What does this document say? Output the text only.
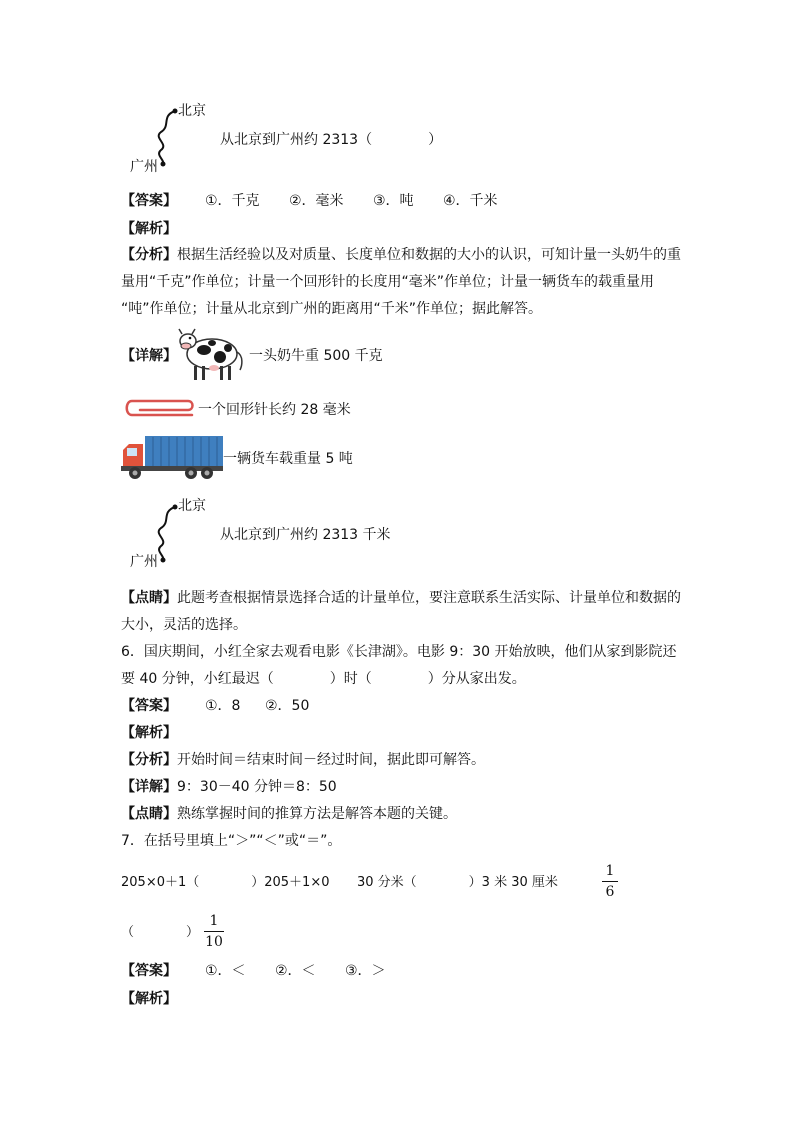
北京
广州
从北京到广州约 2313（　　　　）
【答案】 ①．千克 ②．毫米 ③．吨 ④．千米
【解析】
【分析】根据生活经验以及对质量、长度单位和数据的大小的认识，可知计量一头奶牛的重
量用“千克”作单位；计量一个回形针的长度用“毫米”作单位；计量一辆货车的载重量用
“吨”作单位；计量从北京到广州的距离用“千米”作单位；据此解答。
【详解】	一头奶牛重 500 千克
一个回形针长约 28 毫米
一辆货车载重量 5 吨
北京
广州
从北京到广州约 2313 千米
【点睛】此题考查根据情景选择合适的计量单位，要注意联系生活实际、计量单位和数据的
大小，灵活的选择。
6．国庆期间，小红全家去观看电影《长津湖》。电影 9：30 开始放映，他们从家到影院还
要 40 分钟，小红最迟（　　　　）时（　　　　）分从家出发。
【答案】 ①．8 ②．50
【解析】
【分析】开始时间＝结束时间－经过时间，据此即可解答。
【详解】9：30－40 分钟＝8：50
【点睛】熟练掌握时间的推算方法是解答本题的关键。
7．在括号里填上“＞”“＜”或“＝”。
205×0＋1（　　　　）205＋1×0 30 分米（　　　　）3 米 30 厘米
1
6
（　　　　）
1
10
【答案】 ①．＜ ②．＜ ③．＞
【解析】
